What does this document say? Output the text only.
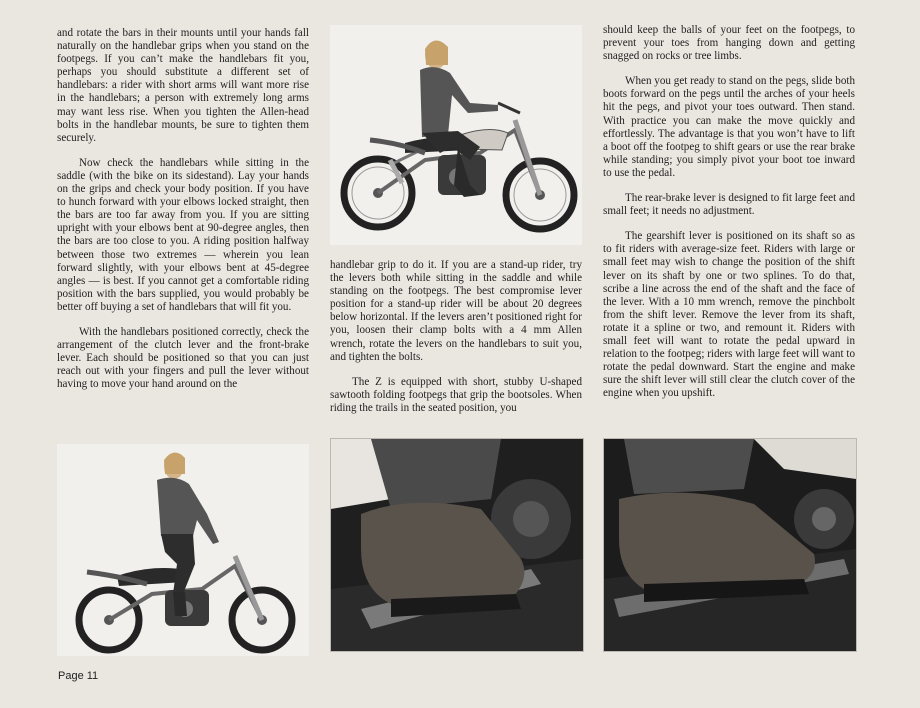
and rotate the bars in their mounts until your hands fall naturally on the handlebar grips when you stand on the footpegs. If you can’t make the handlebars fit you, perhaps you should substitute a different set of handlebars: a rider with short arms will want more rise in the handlebars; a person with extremely long arms may want less rise. When you tighten the Allen-head bolts in the handlebar mounts, be sure to tighten them securely.

Now check the handlebars while sitting in the saddle (with the bike on its sidestand). Lay your hands on the grips and check your body position. If you have to hunch forward with your elbows locked straight, then the bars are too far away from you. If you are sitting upright with your elbows bent at 90-degree angles, then the bars are too close to you. A riding position halfway between those two extremes — wherein you lean forward slightly, with your elbows bent at 45-degree angles — is best. If you cannot get a comfortable riding position with the bars supplied, you would probably be better off buying a set of handlebars that will fit you.

With the handlebars positioned correctly, check the arrangement of the clutch lever and the front-brake lever. Each should be positioned so that you can just reach out with your fingers and pull the lever without having to move your hand around on the

handlebar grip to do it. If you are a stand-up rider, try the levers both while sitting in the saddle and while standing on the footpegs. The best compromise lever position for a stand-up rider will be about 20 degrees below horizontal. If the levers aren’t positioned right for you, loosen their clamp bolts with a 4 mm Allen wrench, rotate the levers on the handlebars to suit you, and tighten the bolts.

The Z is equipped with short, stubby U-shaped sawtooth folding footpegs that grip the bootsoles. When riding the trails in the seated position, you

should keep the balls of your feet on the footpegs, to prevent your toes from hanging down and getting snagged on rocks or tree limbs.

When you get ready to stand on the pegs, slide both boots forward on the pegs until the arches of your heels hit the pegs, and pivot your toes outward. Then stand. With practice you can make the move quickly and effortlessly. The advantage is that you won’t have to lift a boot off the footpeg to shift gears or use the rear brake while standing; you simply pivot your boot toe inward to use the pedal.

The rear-brake lever is designed to fit large feet and small feet; it needs no adjustment.

The gearshift lever is positioned on its shaft so as to fit riders with average-size feet. Riders with large or small feet may wish to change the position of the shift lever on its shaft by one or two splines. To do that, scribe a line across the end of the shaft and the face of the lever. With a 10 mm wrench, remove the pinchbolt from the shift lever. Remove the lever from its shaft, rotate it a spline or two, and remount it. Riders with small feet will want to rotate the pedal upward in relation to the footpeg; riders with large feet will want to rotate the pedal downward. Start the engine and make sure the shift lever will still clear the clutch cover of the engine when you upshift.

Page 11
